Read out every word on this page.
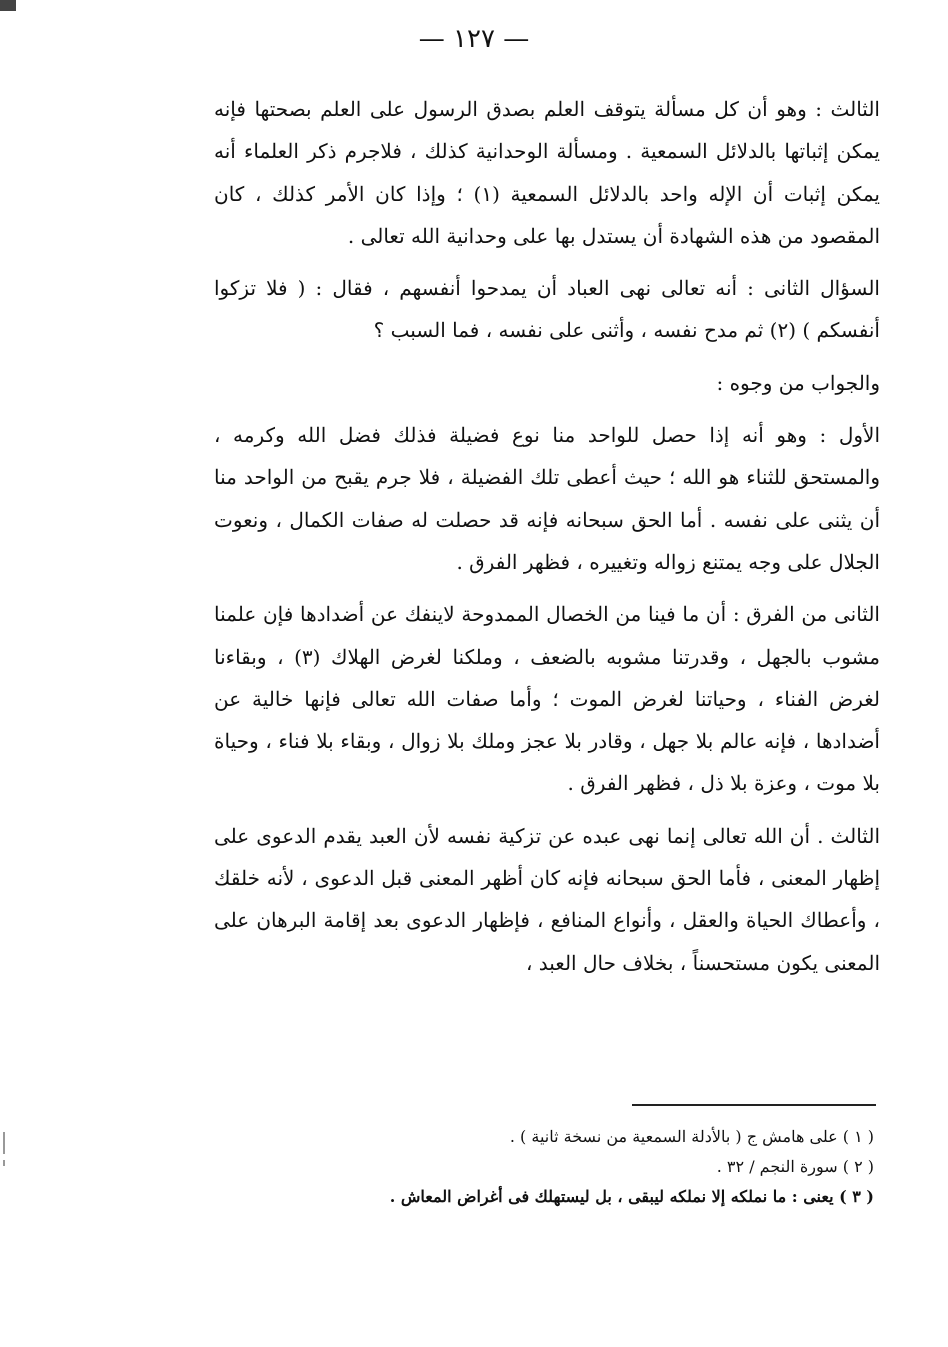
— ١٢٧ —

الثالث : وهو أن كل مسألة يتوقف العلم بصدق الرسول على العلم بصحتها فإنه يمكن إثباتها بالدلائل السمعية . ومسألة الوحدانية كذلك ، فلاجرم ذكر العلماء أنه يمكن إثبات أن الإله واحد بالدلائل السمعية (١) ؛ وإذا كان الأمر كذلك ، كان المقصود من هذه الشهادة أن يستدل بها على وحدانية الله تعالى .

السؤال الثانى : أنه تعالى نهى العباد أن يمدحوا أنفسهم ، فقال : ( فلا تزكوا أنفسكم ) (٢) ثم مدح نفسه ، وأثنى على نفسه ، فما السبب ؟

والجواب من وجوه :

الأول : وهو أنه إذا حصل للواحد منا نوع فضيلة فذلك فضل الله وكرمه ، والمستحق للثناء هو الله ؛ حيث أعطى تلك الفضيلة ، فلا جرم يقبح من الواحد منا أن يثنى على نفسه . أما الحق سبحانه فإنه قد حصلت له صفات الكمال ، ونعوت الجلال على وجه يمتنع زواله وتغييره ، فظهر الفرق .

الثانى من الفرق : أن ما فينا من الخصال الممدوحة لاينفك عن أضدادها فإن علمنا مشوب بالجهل ، وقدرتنا مشوبه بالضعف ، وملكنا لغرض الهلاك (٣) ، وبقاءنا لغرض الفناء ، وحياتنا لغرض الموت ؛ وأما صفات الله تعالى فإنها خالية عن أضدادها ، فإنه عالم بلا جهل ، وقادر بلا عجز وملك بلا زوال ، وبقاء بلا فناء ، وحياة بلا موت ، وعزة بلا ذل ، فظهر الفرق .

الثالث . أن الله تعالى إنما نهى عبده عن تزكية نفسه لأن العبد يقدم الدعوى على إظهار المعنى ، فأما الحق سبحانه فإنه كان أظهر المعنى قبل الدعوى ، لأنه خلقك ، وأعطاك الحياة والعقل ، وأنواع المنافع ، فإظهار الدعوى بعد إقامة البرهان على المعنى يكون مستحسناً ، بخلاف حال العبد ،

( ١ ) على هامش ج ( بالأدلة السمعية من نسخة ثانية ) .

( ٢ ) سورة النجم / ٣٢ .

( ٣ ) يعنى : ما نملكه إلا نملكه ليبقى ، بل ليستهلك فى أغراض المعاش .
